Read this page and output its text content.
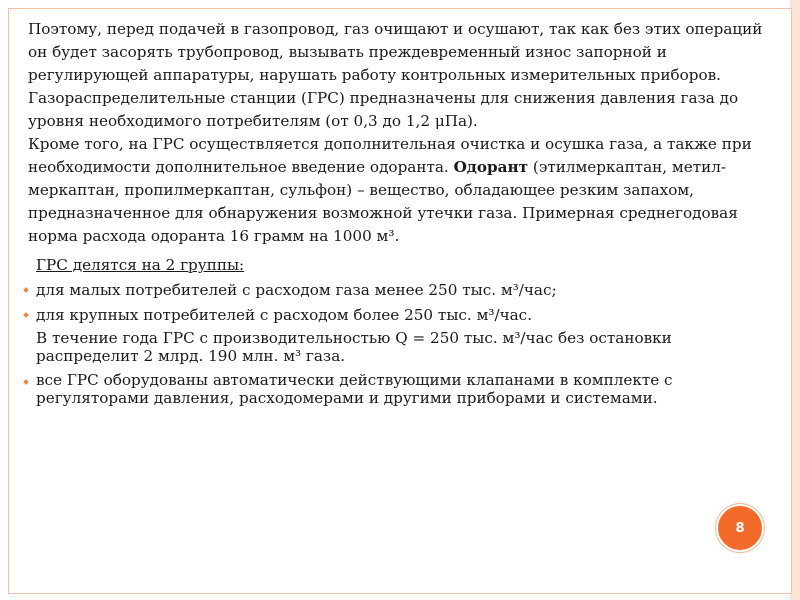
Поэтому, перед подачей в газопровод, газ очищают и осушают, так как без этих операций он будет засорять трубопровод, вызывать преждевременный износ запорной и регулирующей аппаратуры, нарушать работу контрольных измерительных приборов.

Газораспределительные станции (ГРС) предназначены для снижения давления газа до уровня необходимого потребителям (от 0,3 до 1,2 μПа).

Кроме того, на ГРС осуществляется дополнительная очистка и осушка газа, а также при необходимости дополнительное введение одоранта. Одорант (этилмеркаптан, метил-меркаптан, пропилмеркаптан, сульфон) – вещество, обладающее резким запахом, предназначенное для обнаружения возможной утечки газа. Примерная среднегодовая норма расхода одоранта 16 грамм на 1000 м³.

ГРС делятся на 2 группы:

для малых потребителей с расходом газа менее 250 тыс. м³/час;

для крупных потребителей с расходом более 250 тыс. м³/час.

В течение года ГРС с производительностью Q = 250 тыс. м³/час без остановки распределит 2 млрд. 190 млн. м³ газа.

все ГРС оборудованы автоматически действующими клапанами в комплекте с регуляторами давления, расходомерами и другими приборами и системами.

8
